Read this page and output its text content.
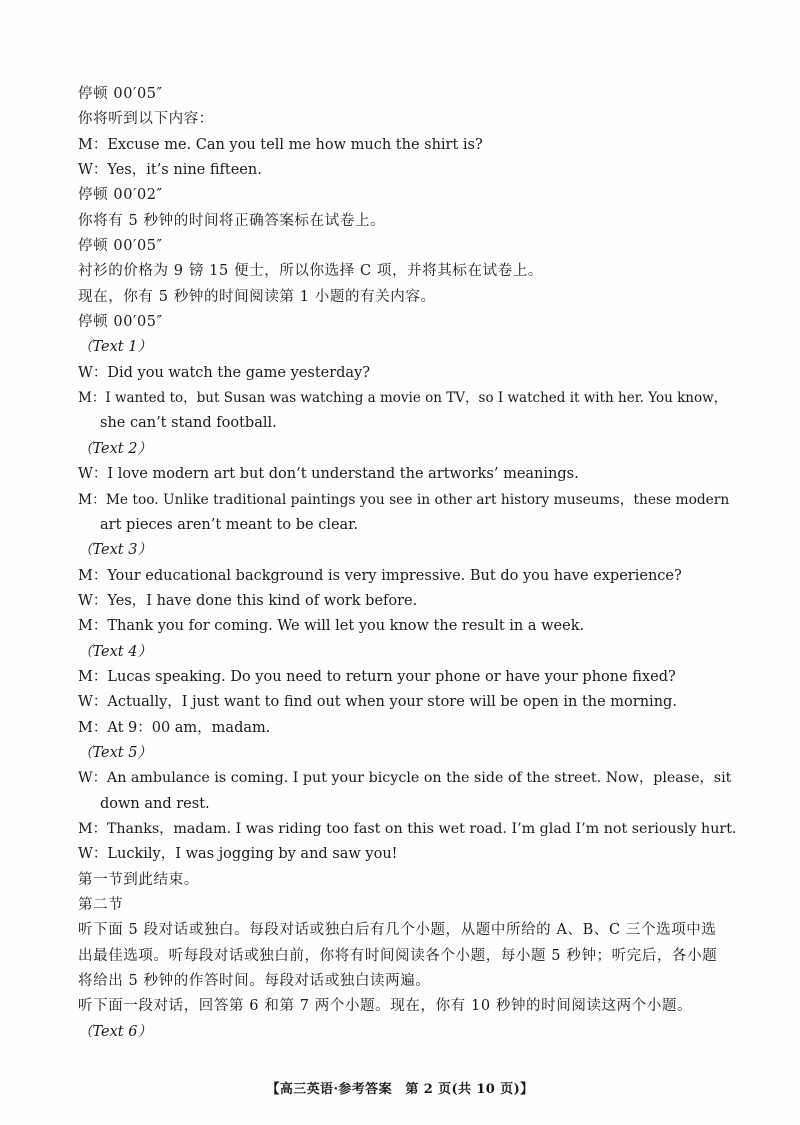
停顿 00′05″
你将听到以下内容：
M：Excuse me. Can you tell me how much the shirt is?
W：Yes，it’s nine fifteen.
停顿 00′02″
你将有 5 秒钟的时间将正确答案标在试卷上。
停顿 00′05″
衬衫的价格为 9 镑 15 便士，所以你选择 C 项，并将其标在试卷上。
现在，你有 5 秒钟的时间阅读第 1 小题的有关内容。
停顿 00′05″
（Text 1）
W：Did you watch the game yesterday?
M：I wanted to，but Susan was watching a movie on TV，so I watched it with her. You know，
she can’t stand football.
（Text 2）
W：I love modern art but don’t understand the artworks’ meanings.
M：Me too. Unlike traditional paintings you see in other art history museums，these modern
art pieces aren’t meant to be clear.
（Text 3）
M：Your educational background is very impressive. But do you have experience?
W：Yes，I have done this kind of work before.
M：Thank you for coming. We will let you know the result in a week.
（Text 4）
M：Lucas speaking. Do you need to return your phone or have your phone fixed?
W：Actually，I just want to find out when your store will be open in the morning.
M：At 9：00 am，madam.
（Text 5）
W：An ambulance is coming. I put your bicycle on the side of the street. Now，please，sit
down and rest.
M：Thanks，madam. I was riding too fast on this wet road. I’m glad I’m not seriously hurt.
W：Luckily，I was jogging by and saw you!
第一节到此结束。
第二节
听下面 5 段对话或独白。每段对话或独白后有几个小题，从题中所给的 A、B、C 三个选项中选
出最佳选项。听每段对话或独白前，你将有时间阅读各个小题，每小题 5 秒钟；听完后，各小题
将给出 5 秒钟的作答时间。每段对话或独白读两遍。
听下面一段对话，回答第 6 和第 7 两个小题。现在，你有 10 秒钟的时间阅读这两个小题。
（Text 6）
【高三英语·参考答案　第 2 页(共 10 页)】
